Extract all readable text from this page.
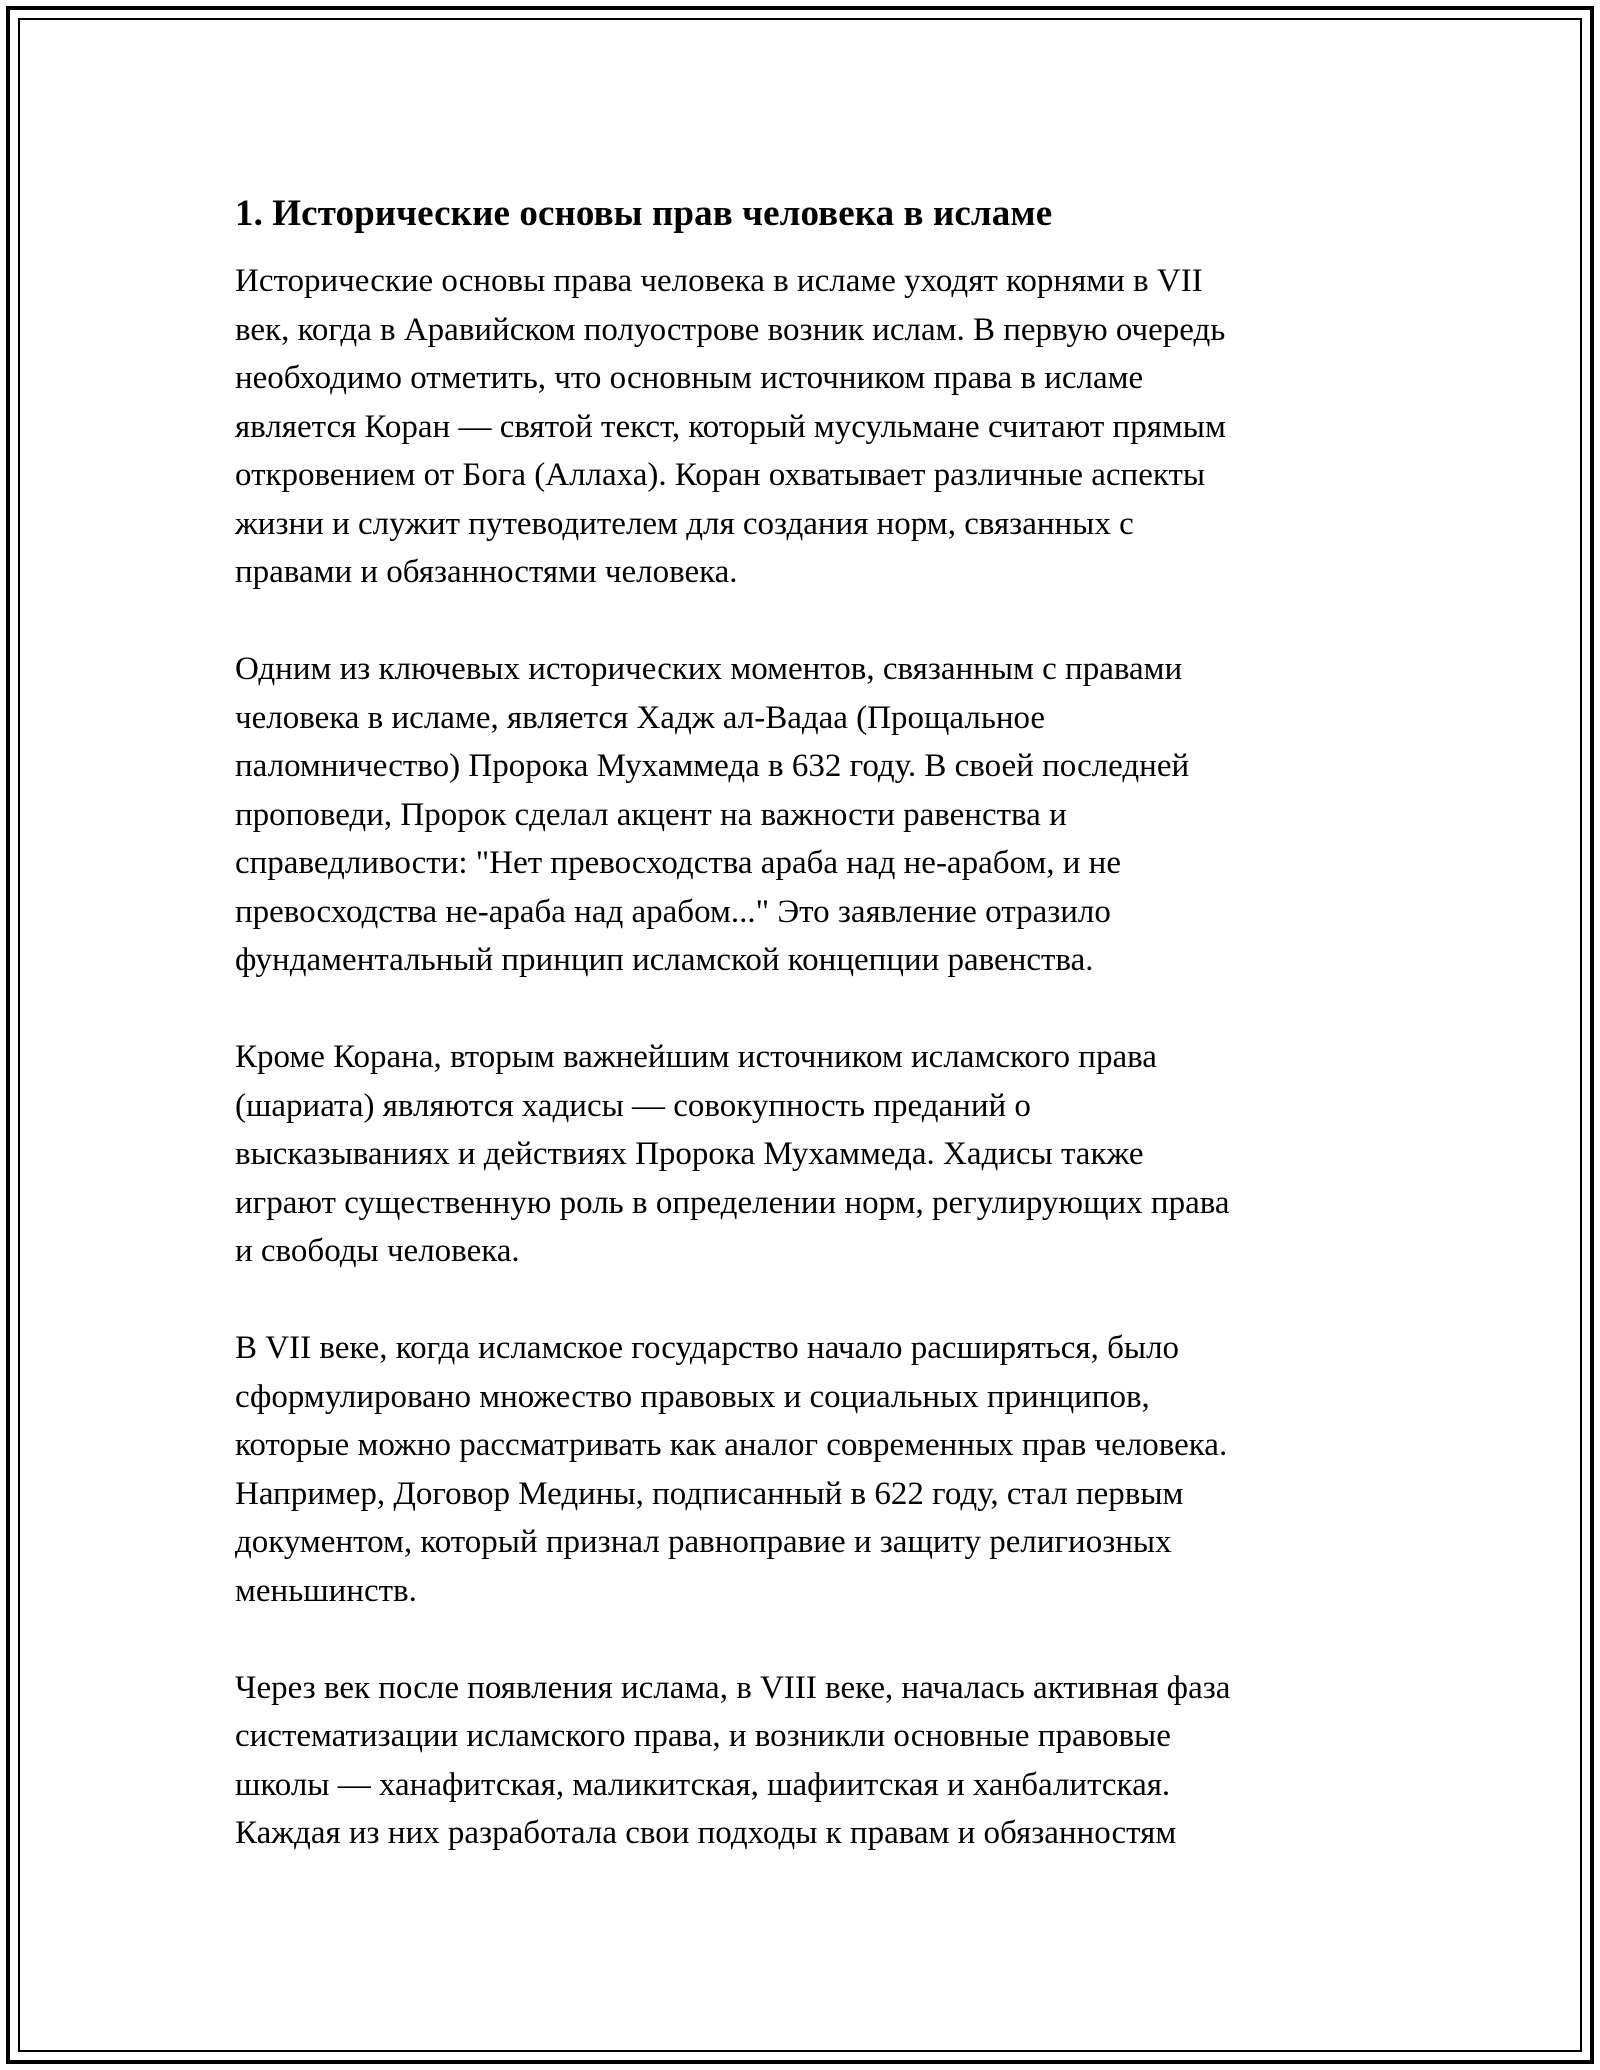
1. Исторические основы прав человека в исламе

Исторические основы права человека в исламе уходят корнями в VII
век, когда в Аравийском полуострове возник ислам. В первую очередь
необходимо отметить, что основным источником права в исламе
является Коран — святой текст, который мусульмане считают прямым
откровением от Бога (Аллаха). Коран охватывает различные аспекты
жизни и служит путеводителем для создания норм, связанных с
правами и обязанностями человека.

Одним из ключевых исторических моментов, связанным с правами
человека в исламе, является Хадж ал-Вадаа (Прощальное
паломничество) Пророка Мухаммеда в 632 году. В своей последней
проповеди, Пророк сделал акцент на важности равенства и
справедливости: "Нет превосходства араба над не-арабом, и не
превосходства не-араба над арабом..." Это заявление отразило
фундаментальный принцип исламской концепции равенства.

Кроме Корана, вторым важнейшим источником исламского права
(шариата) являются хадисы — совокупность преданий о
высказываниях и действиях Пророка Мухаммеда. Хадисы также
играют существенную роль в определении норм, регулирующих права
и свободы человека.

В VII веке, когда исламское государство начало расширяться, было
сформулировано множество правовых и социальных принципов,
которые можно рассматривать как аналог современных прав человека.
Например, Договор Медины, подписанный в 622 году, стал первым
документом, который признал равноправие и защиту религиозных
меньшинств.

Через век после появления ислама, в VIII веке, началась активная фаза
систематизации исламского права, и возникли основные правовые
школы — ханафитская, маликитская, шафиитская и ханбалитская.
Каждая из них разработала свои подходы к правам и обязанностям
